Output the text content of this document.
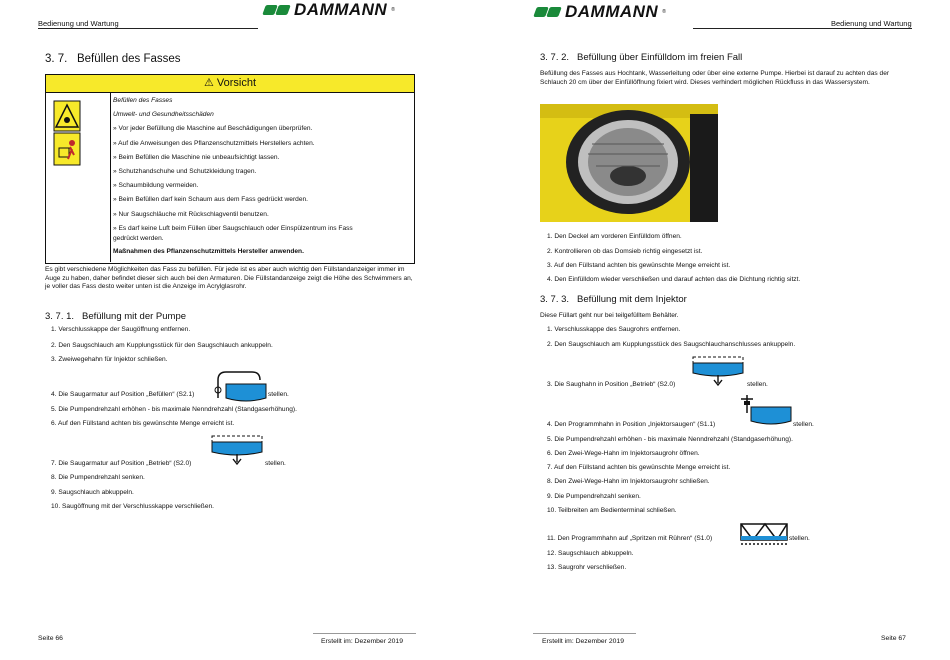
Bedienung und Wartung
DAMMANN ®
3. 7. Befüllen des Fasses
⚠ Vorsicht
Befüllen des Fasses
Umwelt- und Gesundheitsschäden
» Vor jeder Befüllung die Maschine auf Beschädigungen überprüfen.
» Auf die Anweisungen des Pflanzenschutzmittels Herstellers achten.
» Beim Befüllen die Maschine nie unbeaufsichtigt lassen.
» Schutzhandschuhe und Schutzkleidung tragen.
» Schaumbildung vermeiden.
» Beim Befüllen darf kein Schaum aus dem Fass gedrückt werden.
» Nur Saugschläuche mit Rückschlagventil benutzen.
» Es darf keine Luft beim Füllen über Saugschlauch oder Einspülzentrum ins Fass
gedrückt werden.
Maßnahmen des Pflanzenschutzmittels Hersteller anwenden.
Es gibt verschiedene Möglichkeiten das Fass zu befüllen. Für jede ist es aber auch wichtig den Füllstandanzeiger immer im Auge zu haben, daher befindet dieser sich auch bei den Armaturen. Die Füllstandanzeige zeigt die Höhe des Schwimmers an, je voller das Fass desto weiter unten ist die Anzeige im Acrylglasrohr.
3. 7. 1. Befüllung mit der Pumpe
1. Verschlusskappe der Saugöffnung entfernen.
2. Den Saugschlauch am Kupplungsstück für den Saugschlauch ankuppeln.
3. Zweiwegehahn für Injektor schließen.
4. Die Saugarmatur auf Position „Befüllen“ (S2.1)	stellen.
5. Die Pumpendrehzahl erhöhen - bis maximale Nenndrehzahl (Standgaserhöhung).
6. Auf den Füllstand achten bis gewünschte Menge erreicht ist.
7. Die Saugarmatur auf Position „Betrieb“ (S2.0)	stellen.
8. Die Pumpendrehzahl senken.
9. Saugschlauch abkuppeln.
10. Saugöffnung mit der Verschlusskappe verschließen.
Seite 66	Erstellt im: Dezember 2019
DAMMANN ®
Bedienung und Wartung
3. 7. 2. Befüllung über Einfülldom im freien Fall
Befüllung des Fasses aus Hochtank, Wasserleitung oder über eine externe Pumpe. Hierbei ist darauf zu achten das der Schlauch 20 cm über der Einfüllöffnung fixiert wird. Dieses verhindert möglichen Rückfluss in das Wassersystem.
1. Den Deckel am vorderen Einfülldom öffnen.
2. Kontrollieren ob das Domsieb richtig eingesetzt ist.
3. Auf den Füllstand achten bis gewünschte Menge erreicht ist.
4. Den Einfülldom wieder verschließen und darauf achten das die Dichtung richtig sitzt.
3. 7. 3. Befüllung mit dem Injektor
Diese Füllart geht nur bei teilgefülltem Behälter.
1. Verschlusskappe des Saugrohrs entfernen.
2. Den Saugschlauch am Kupplungsstück des Saugschlauchanschlusses ankuppeln.
3. Die Saughahn in Position „Betrieb“ (S2.0)	stellen.
4. Den Programmhahn in Position „Injektorsaugen“ (S1.1)	stellen.
5. Die Pumpendrehzahl erhöhen - bis maximale Nenndrehzahl (Standgaserhöhung).
6. Den Zwei-Wege-Hahn im Injektorsaugrohr öffnen.
7. Auf den Füllstand achten bis gewünschte Menge erreicht ist.
8. Den Zwei-Wege-Hahn im Injektorsaugrohr schließen.
9. Die Pumpendrehzahl senken.
10. Teilbreiten am Bedienterminal schließen.
11. Den Programmhahn auf „Spritzen mit Rühren“ (S1.0)	stellen.
12. Saugschlauch abkuppeln.
13. Saugrohr verschließen.
Erstellt im: Dezember 2019	Seite 67
